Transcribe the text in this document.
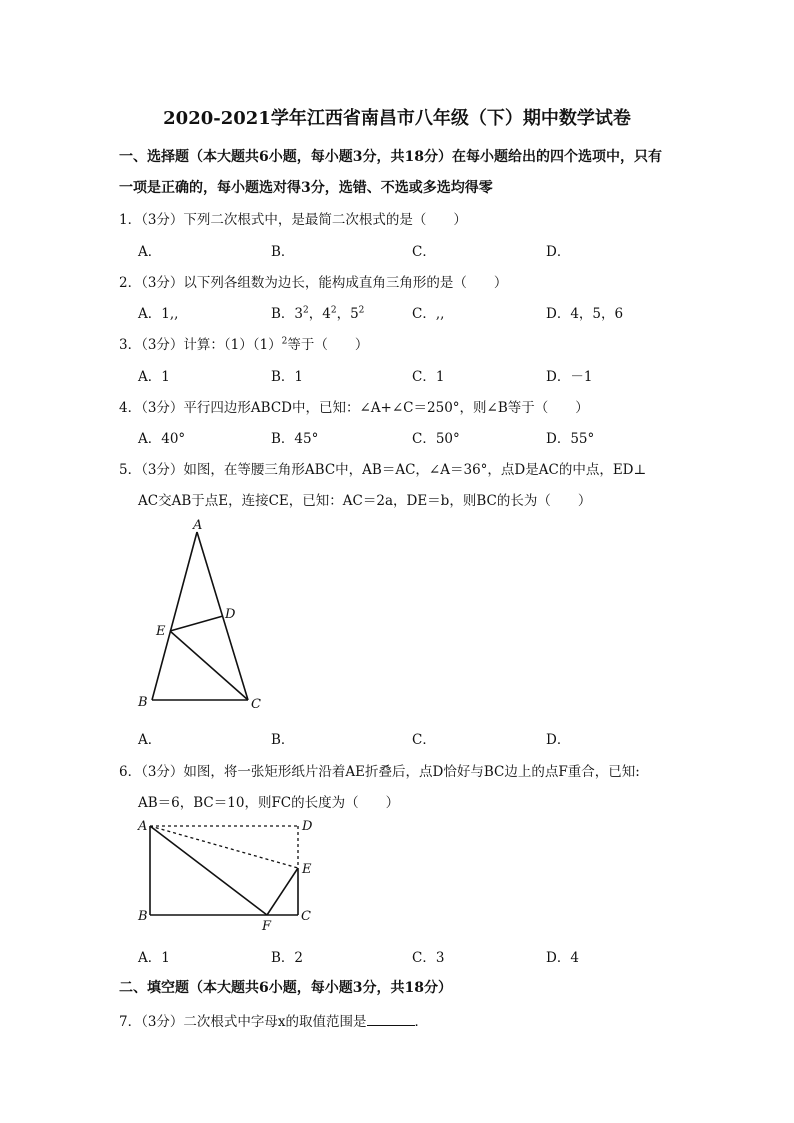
2020-2021学年江西省南昌市八年级（下）期中数学试卷
一、选择题（本大题共6小题，每小题3分，共18分）在每小题给出的四个选项中，只有
一项是正确的，每小题选对得3分，选错、不选或多选均得零
1．（3分）下列二次根式中，是最简二次根式的是（　　）
A．	B．	C．	D．
2．（3分）以下列各组数为边长，能构成直角三角形的是（　　）
A．1,,	B．$3^2$，$4^2$，$5^2$	C．,,	D．4，5，6
3．（3分）计算：$(1)(1)^2$等于（　　）
A．1	B．1	C．1	D．－1
4．（3分）平行四边形ABCD中，已知：∠A+∠C＝250°，则∠B等于（　　）
A．40°	B．45°	C．50°	D．55°
5．（3分）如图，在等腰三角形ABC中，AB＝AC，∠A＝36°，点D是AC的中点，ED⊥
AC交AB于点E，连接CE，已知：AC＝2a，DE＝b，则BC的长为（　　）
A
D
E
B	C
A．	B．	C．	D．
6．（3分）如图，将一张矩形纸片沿着AE折叠后，点D恰好与BC边上的点F重合，已知:
AB＝6，BC＝10，则FC的长度为（　　）
A	D
E
B
F
C
A．1	B．2	C．3	D．4
二、填空题（本大题共6小题，每小题3分，共18分）
7．（3分）二次根式中字母x的取值范围是	．
